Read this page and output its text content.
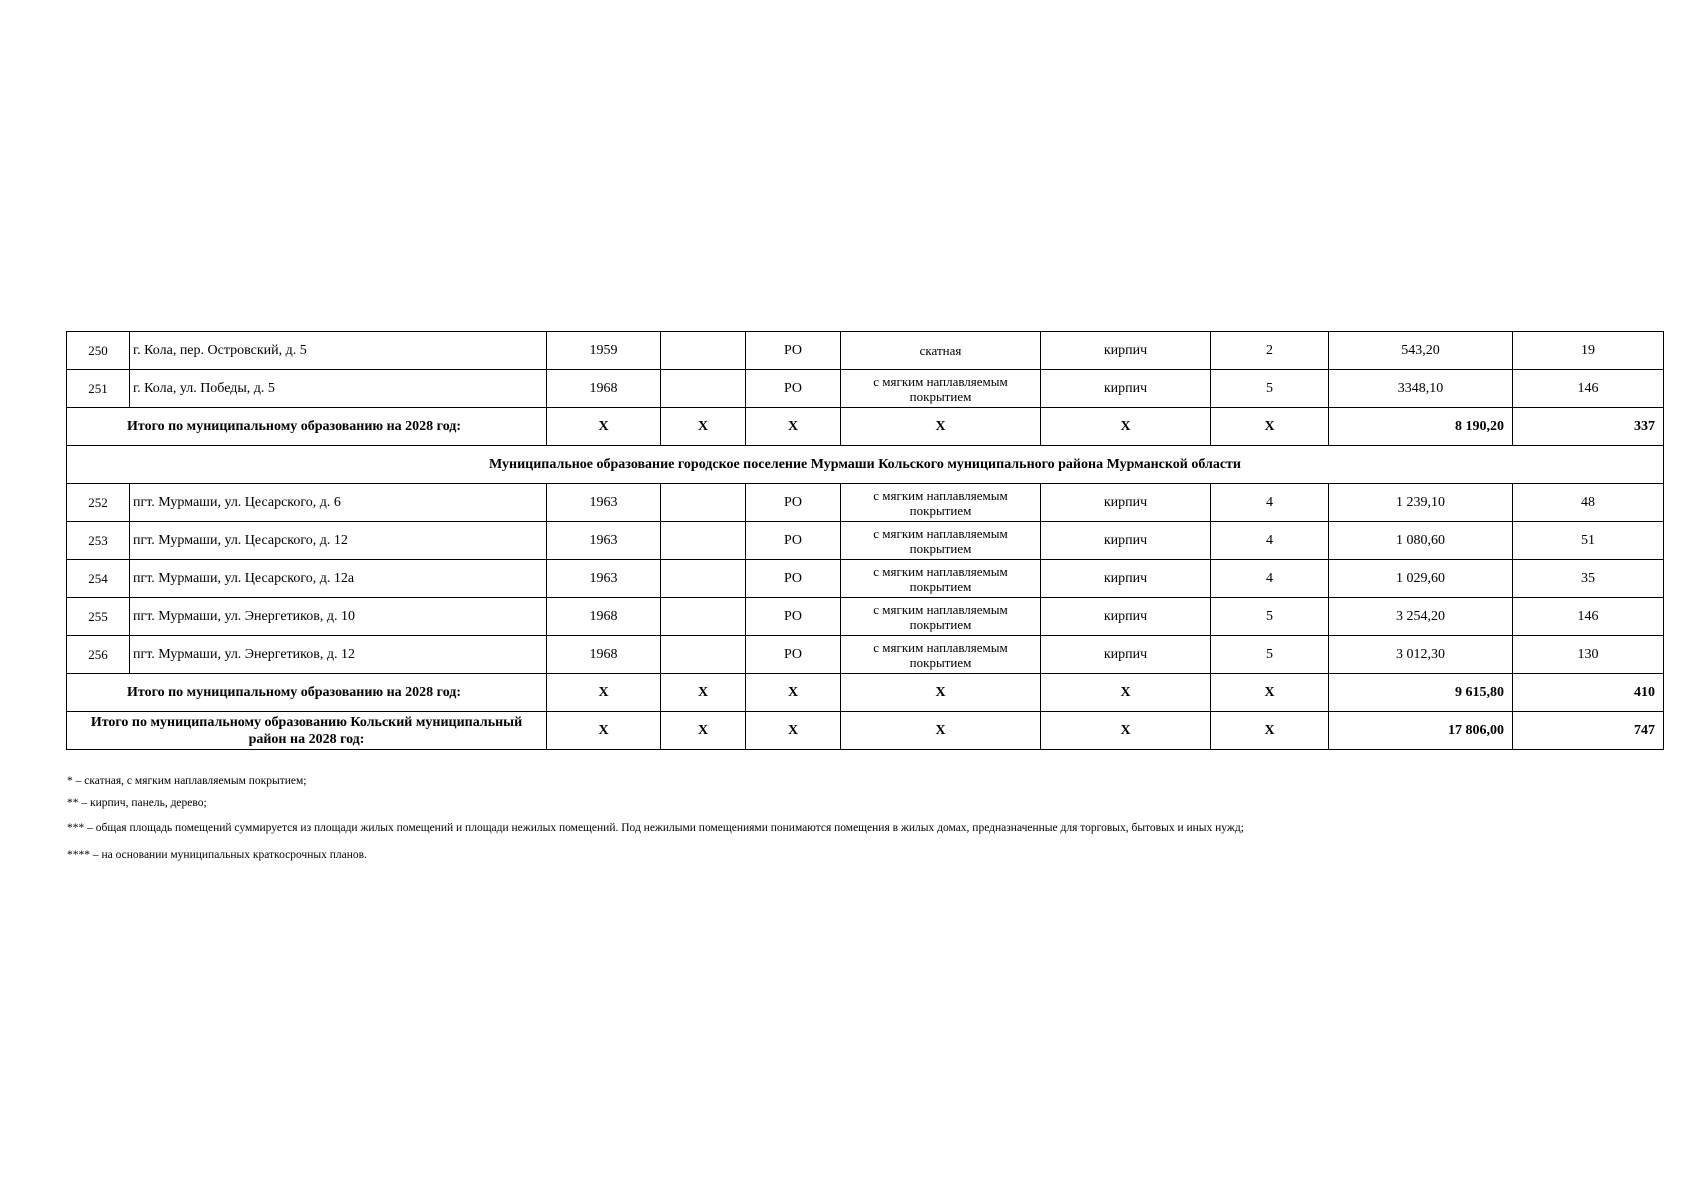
250	г. Кола, пер. Островский, д. 5	1959		РО	скатная	кирпич	2	543,20	19
251	г. Кола, ул. Победы, д. 5	1968		РО	с мягким наплавляемым покрытием	кирпич	5	3348,10	146
Итого по муниципальному образованию на 2028 год:		Х	Х	Х	Х	Х	Х	8 190,20	337
Муниципальное образование городское поселение Мурмаши Кольского муниципального района Мурманской области									
252	пгт. Мурмаши, ул. Цесарского, д. 6	1963		РО	с мягким наплавляемым покрытием	кирпич	4	1 239,10	48
253	пгт. Мурмаши, ул. Цесарского, д. 12	1963		РО	с мягким наплавляемым покрытием	кирпич	4	1 080,60	51
254	пгт. Мурмаши, ул. Цесарского, д. 12а	1963		РО	с мягким наплавляемым покрытием	кирпич	4	1 029,60	35
255	пгт. Мурмаши, ул. Энергетиков, д. 10	1968		РО	с мягким наплавляемым покрытием	кирпич	5	3 254,20	146
256	пгт. Мурмаши, ул. Энергетиков, д. 12	1968		РО	с мягким наплавляемым покрытием	кирпич	5	3 012,30	130
Итого по муниципальному образованию на 2028 год:		Х	Х	Х	Х	Х	Х	9 615,80	410
Итого по муниципальному образованию Кольский муниципальный район на 2028 год:		Х	Х	Х	Х	Х	Х	17 806,00	747

* – скатная, с мягким наплавляемым покрытием;

** – кирпич, панель, дерево;

*** – общая площадь помещений суммируется из площади жилых помещений и площади нежилых помещений. Под нежилыми помещениями понимаются помещения в жилых домах, предназначенные для торговых, бытовых и иных нужд;

**** – на основании муниципальных краткосрочных планов.
